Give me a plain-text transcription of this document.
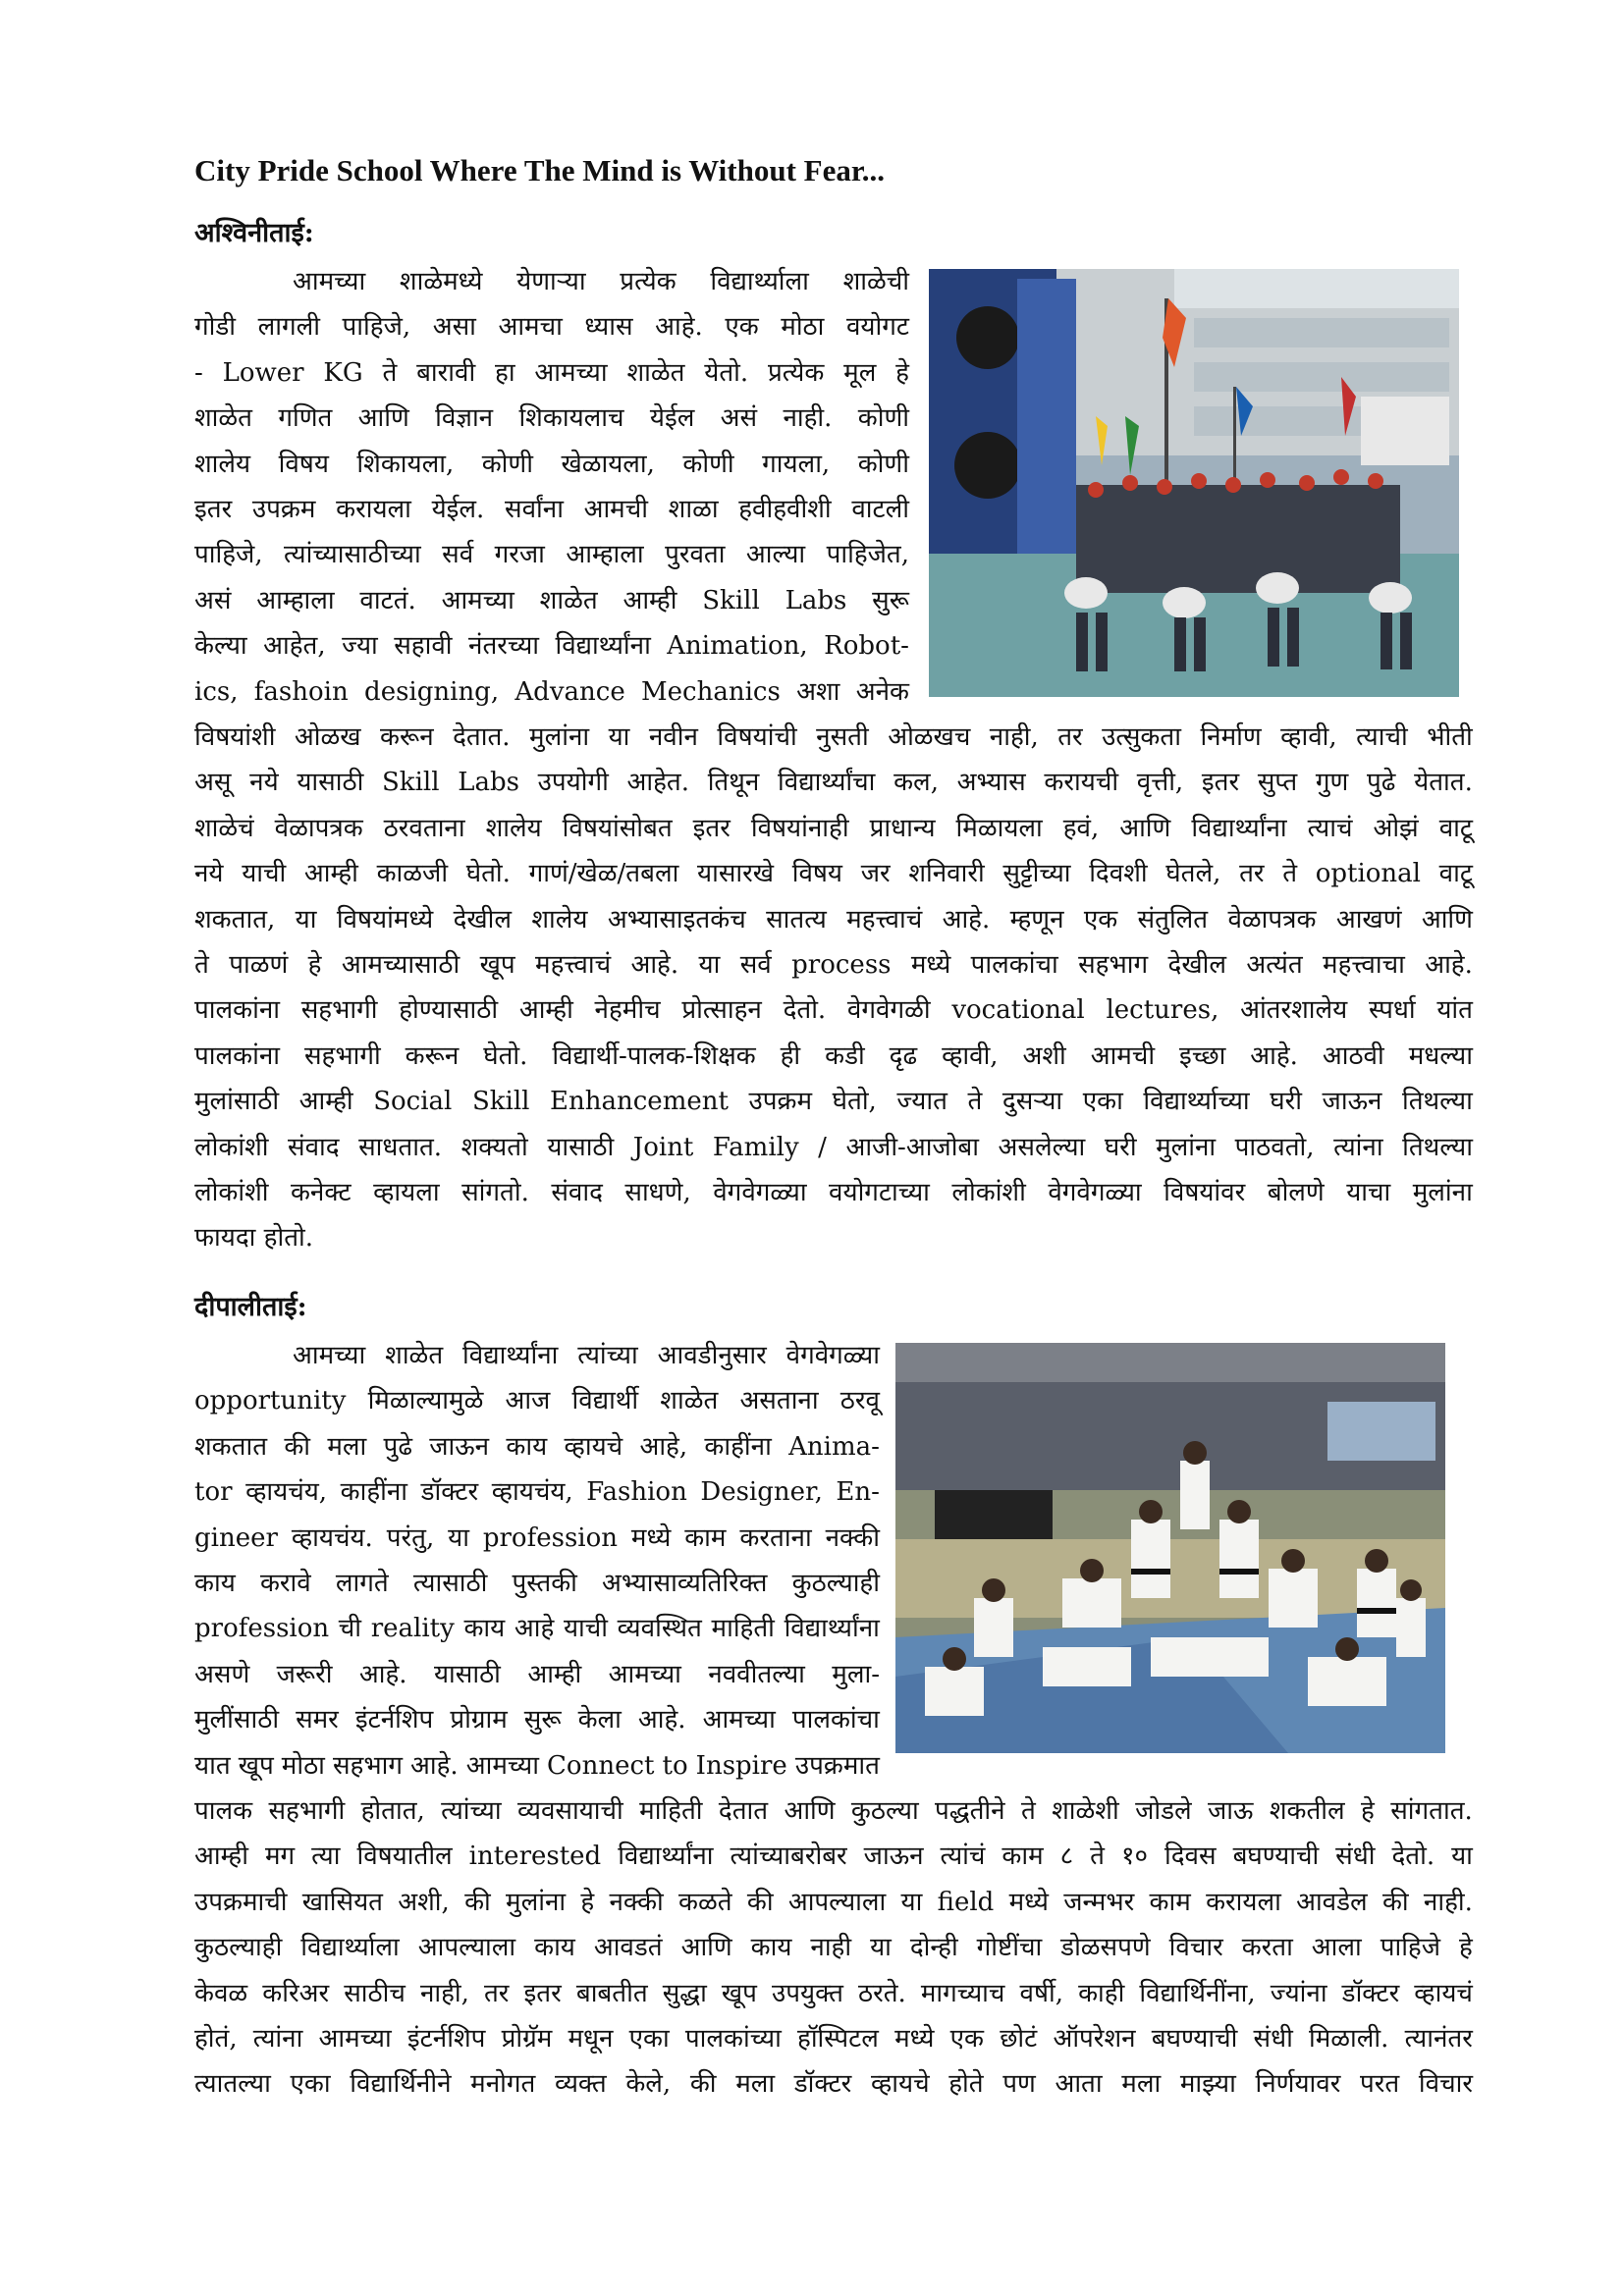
City Pride School Where The Mind is Without Fear...
अश्विनीताई:
आमच्या शाळेमध्ये येणाऱ्या प्रत्येक विद्यार्थ्याला शाळेची
गोडी लागली पाहिजे, असा आमचा ध्यास आहे. एक मोठा वयोगट
- Lower KG ते बारावी हा आमच्या शाळेत येतो. प्रत्येक मूल हे
शाळेत गणित आणि विज्ञान शिकायलाच येईल असं नाही. कोणी
शालेय विषय शिकायला, कोणी खेळायला, कोणी गायला, कोणी
इतर उपक्रम करायला येईल. सर्वांना आमची शाळा हवीहवीशी वाटली
पाहिजे, त्यांच्यासाठीच्या सर्व गरजा आम्हाला पुरवता आल्या पाहिजेत,
असं आम्हाला वाटतं. आमच्या शाळेत आम्ही Skill Labs सुरू
केल्या आहेत, ज्या सहावी नंतरच्या विद्यार्थ्यांना Animation, Robot-
ics, fashoin designing, Advance Mechanics अशा अनेक
विषयांशी ओळख करून देतात. मुलांना या नवीन विषयांची नुसती ओळखच नाही, तर उत्सुकता निर्माण व्हावी, त्याची भीती
असू नये यासाठी Skill Labs उपयोगी आहेत. तिथून विद्यार्थ्यांचा कल, अभ्यास करायची वृत्ती, इतर सुप्त गुण पुढे येतात.
शाळेचं वेळापत्रक ठरवताना शालेय विषयांसोबत इतर विषयांनाही प्राधान्य मिळायला हवं, आणि विद्यार्थ्यांना त्याचं ओझं वाटू
नये याची आम्ही काळजी घेतो. गाणं/खेळ/तबला यासारखे विषय जर शनिवारी सुट्टीच्या दिवशी घेतले, तर ते optional वाटू
शकतात, या विषयांमध्ये देखील शालेय अभ्यासाइतकंच सातत्य महत्त्वाचं आहे. म्हणून एक संतुलित वेळापत्रक आखणं आणि
ते पाळणं हे आमच्यासाठी खूप महत्त्वाचं आहे. या सर्व process मध्ये पालकांचा सहभाग देखील अत्यंत महत्त्वाचा आहे.
पालकांना सहभागी होण्यासाठी आम्ही नेहमीच प्रोत्साहन देतो. वेगवेगळी vocational lectures, आंतरशालेय स्पर्धा यांत
पालकांना सहभागी करून घेतो. विद्यार्थी-पालक-शिक्षक ही कडी दृढ व्हावी, अशी आमची इच्छा आहे. आठवी मधल्या
मुलांसाठी आम्ही Social Skill Enhancement उपक्रम घेतो, ज्यात ते दुसऱ्या एका विद्यार्थ्याच्या घरी जाऊन तिथल्या
लोकांशी संवाद साधतात. शक्यतो यासाठी Joint Family / आजी-आजोबा असलेल्या घरी मुलांना पाठवतो, त्यांना तिथल्या
लोकांशी कनेक्ट व्हायला सांगतो. संवाद साधणे, वेगवेगळ्या वयोगटाच्या लोकांशी वेगवेगळ्या विषयांवर बोलणे याचा मुलांना
फायदा होतो.
दीपालीताई:
आमच्या शाळेत विद्यार्थ्यांना त्यांच्या आवडीनुसार वेगवेगळ्या
opportunity मिळाल्यामुळे आज विद्यार्थी शाळेत असताना ठरवू
शकतात की मला पुढे जाऊन काय व्हायचे आहे, काहींना Anima-
tor व्हायचंय, काहींना डॉक्टर व्हायचंय, Fashion Designer, En-
gineer व्हायचंय. परंतु, या profession मध्ये काम करताना नक्की
काय करावे लागते त्यासाठी पुस्तकी अभ्यासाव्यतिरिक्त कुठल्याही
profession ची reality काय आहे याची व्यवस्थित माहिती विद्यार्थ्यांना
असणे जरूरी आहे. यासाठी आम्ही आमच्या नववीतल्या मुला-
मुलींसाठी समर इंटर्नशिप प्रोग्राम सुरू केला आहे. आमच्या पालकांचा
यात खूप मोठा सहभाग आहे. आमच्या Connect to Inspire उपक्रमात
पालक सहभागी होतात, त्यांच्या व्यवसायाची माहिती देतात आणि कुठल्या पद्धतीने ते शाळेशी जोडले जाऊ शकतील हे सांगतात.
आम्ही मग त्या विषयातील interested विद्यार्थ्यांना त्यांच्याबरोबर जाऊन त्यांचं काम ८ ते १० दिवस बघण्याची संधी देतो. या
उपक्रमाची खासियत अशी, की मुलांना हे नक्की कळते की आपल्याला या field मध्ये जन्मभर काम करायला आवडेल की नाही.
कुठल्याही विद्यार्थ्याला आपल्याला काय आवडतं आणि काय नाही या दोन्ही गोष्टींचा डोळसपणे विचार करता आला पाहिजे हे
केवळ करिअर साठीच नाही, तर इतर बाबतीत सुद्धा खूप उपयुक्त ठरते. मागच्याच वर्षी, काही विद्यार्थिनींना, ज्यांना डॉक्टर व्हायचं
होतं, त्यांना आमच्या इंटर्नशिप प्रोग्रॅम मधून एका पालकांच्या हॉस्पिटल मध्ये एक छोटं ऑपरेशन बघण्याची संधी मिळाली. त्यानंतर
त्यातल्या एका विद्यार्थिनीने मनोगत व्यक्त केले, की मला डॉक्टर व्हायचे होते पण आता मला माझ्या निर्णयावर परत विचार
